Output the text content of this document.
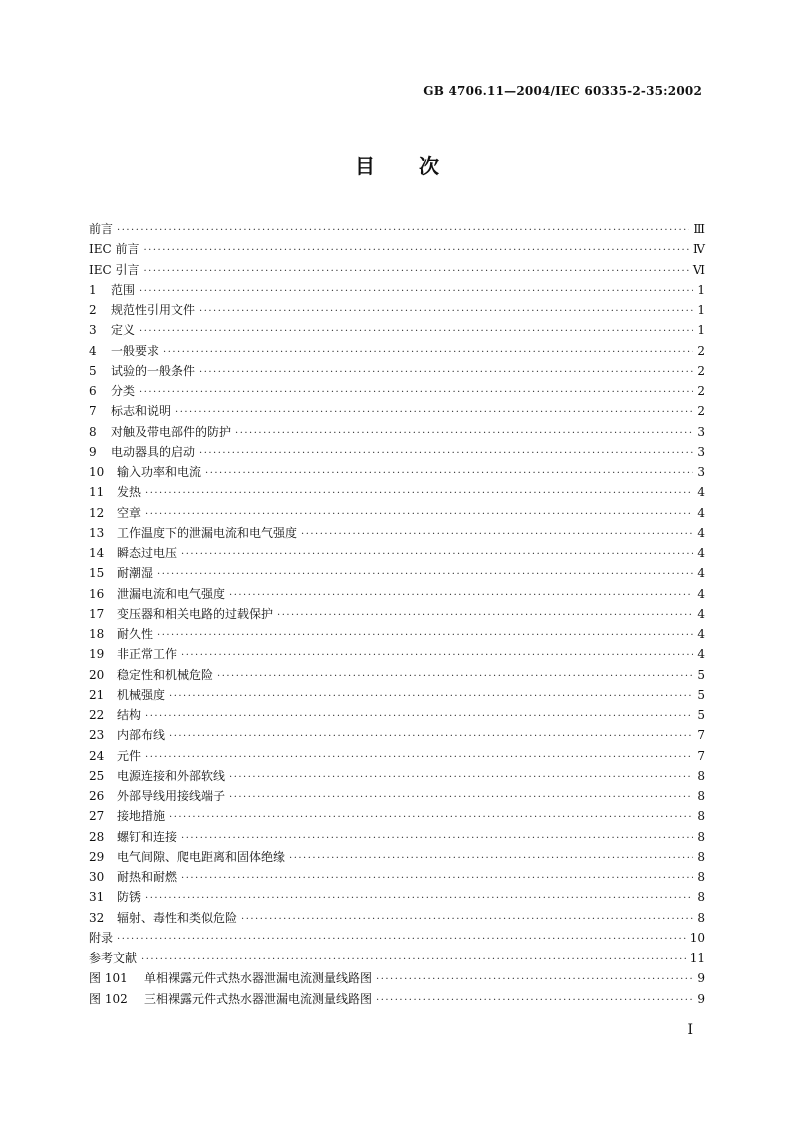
GB 4706.11—2004/IEC 60335-2-35:2002
目 次
前言 ·····	Ⅲ
IEC 前言 ·····	Ⅳ
IEC 引言 ·····	Ⅵ
1	范围 ·····	1
2	规范性引用文件 ·····	1
3	定义 ·····	1
4	一般要求 ·····	2
5	试验的一般条件 ·····	2
6	分类 ·····	2
7	标志和说明 ·····	2
8	对触及带电部件的防护 ·····	3
9	电动器具的启动 ·····	3
10	输入功率和电流 ·····	3
11	发热 ·····	4
12	空章 ·····	4
13	工作温度下的泄漏电流和电气强度 ·····	4
14	瞬态过电压 ·····	4
15	耐潮湿 ·····	4
16	泄漏电流和电气强度 ·····	4
17	变压器和相关电路的过载保护 ·····	4
18	耐久性 ·····	4
19	非正常工作 ·····	4
20	稳定性和机械危险 ·····	5
21	机械强度 ·····	5
22	结构 ·····	5
23	内部布线 ·····	7
24	元件 ·····	7
25	电源连接和外部软线 ·····	8
26	外部导线用接线端子 ·····	8
27	接地措施 ·····	8
28	螺钉和连接 ·····	8
29	电气间隙、爬电距离和固体绝缘 ·····	8
30	耐热和耐燃 ·····	8
31	防锈 ·····	8
32	辐射、毒性和类似危险 ·····	8
附录 ·····	10
参考文献 ·····	11
图 101	单相裸露元件式热水器泄漏电流测量线路图 ·····	9
图 102	三相裸露元件式热水器泄漏电流测量线路图 ·····	9
I
